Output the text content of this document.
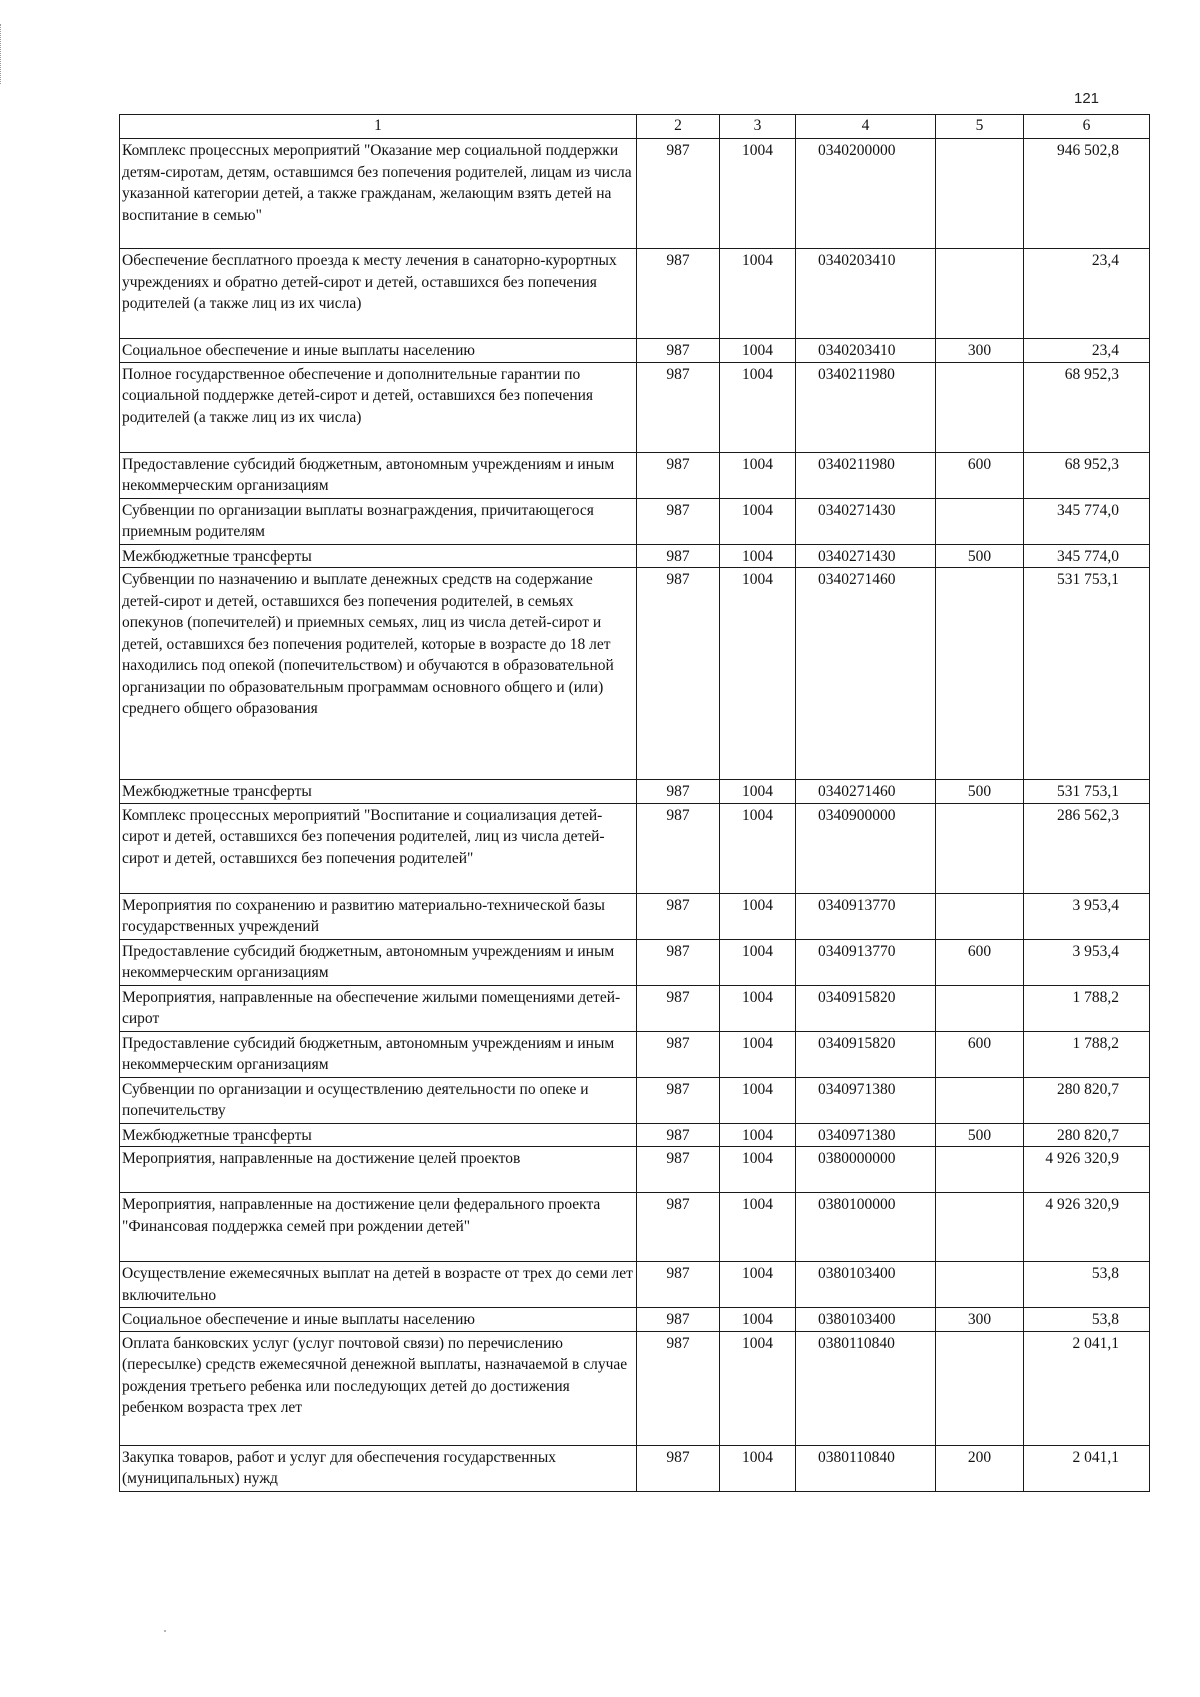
121
1	2	3	4	5	6
Комплекс процессных мероприятий "Оказание мер социальной поддержки детям-сиротам, детям, оставшимся без попечения родителей, лицам из числа указанной категории детей, а также гражданам, желающим взять детей на воспитание в семью"	987	1004	0340200000		946 502,8
Обеспечение бесплатного проезда к месту лечения в санаторно-курортных учреждениях и обратно детей-сирот и детей, оставшихся без попечения родителей (а также лиц из их числа)	987	1004	0340203410		23,4
Социальное обеспечение и иные выплаты населению	987	1004	0340203410	300	23,4
Полное государственное обеспечение и дополнительные гарантии по социальной поддержке детей-сирот и детей, оставшихся без попечения родителей (а также лиц из их числа)	987	1004	0340211980		68 952,3
Предоставление субсидий бюджетным, автономным учреждениям и иным некоммерческим организациям	987	1004	0340211980	600	68 952,3
Субвенции по организации выплаты вознаграждения, причитающегося приемным родителям	987	1004	0340271430		345 774,0
Межбюджетные трансферты	987	1004	0340271430	500	345 774,0
Субвенции по назначению и выплате денежных средств на содержание детей-сирот и детей, оставшихся без попечения родителей, в семьях опекунов (попечителей) и приемных семьях, лиц из числа детей-сирот и детей, оставшихся без попечения родителей, которые в возрасте до 18 лет находились под опекой (попечительством) и обучаются в образовательной организации по образовательным программам основного общего и (или) среднего общего образования	987	1004	0340271460		531 753,1
Межбюджетные трансферты	987	1004	0340271460	500	531 753,1
Комплекс процессных мероприятий "Воспитание и социализация детей-сирот и детей, оставшихся без попечения родителей, лиц из числа детей-сирот и детей, оставшихся без попечения родителей"	987	1004	0340900000		286 562,3
Мероприятия по сохранению и развитию материально-технической базы государственных учреждений	987	1004	0340913770		3 953,4
Предоставление субсидий бюджетным, автономным учреждениям и иным некоммерческим организациям	987	1004	0340913770	600	3 953,4
Мероприятия, направленные на обеспечение жилыми помещениями детей-сирот	987	1004	0340915820		1 788,2
Предоставление субсидий бюджетным, автономным учреждениям и иным некоммерческим организациям	987	1004	0340915820	600	1 788,2
Субвенции по организации и осуществлению деятельности по опеке и попечительству	987	1004	0340971380		280 820,7
Межбюджетные трансферты	987	1004	0340971380	500	280 820,7
Мероприятия, направленные на достижение целей проектов	987	1004	0380000000		4 926 320,9
Мероприятия, направленные на достижение цели федерального проекта "Финансовая поддержка семей при рождении детей"	987	1004	0380100000		4 926 320,9
Осуществление ежемесячных выплат на детей в возрасте от трех до семи лет включительно	987	1004	0380103400		53,8
Социальное обеспечение и иные выплаты населению	987	1004	0380103400	300	53,8
Оплата банковских услуг (услуг почтовой связи) по перечислению (пересылке) средств ежемесячной денежной выплаты, назначаемой в случае рождения третьего ребенка или последующих детей до достижения ребенком возраста трех лет	987	1004	0380110840		2 041,1
Закупка товаров, работ и услуг для обеспечения государственных (муниципальных) нужд	987	1004	0380110840	200	2 041,1
